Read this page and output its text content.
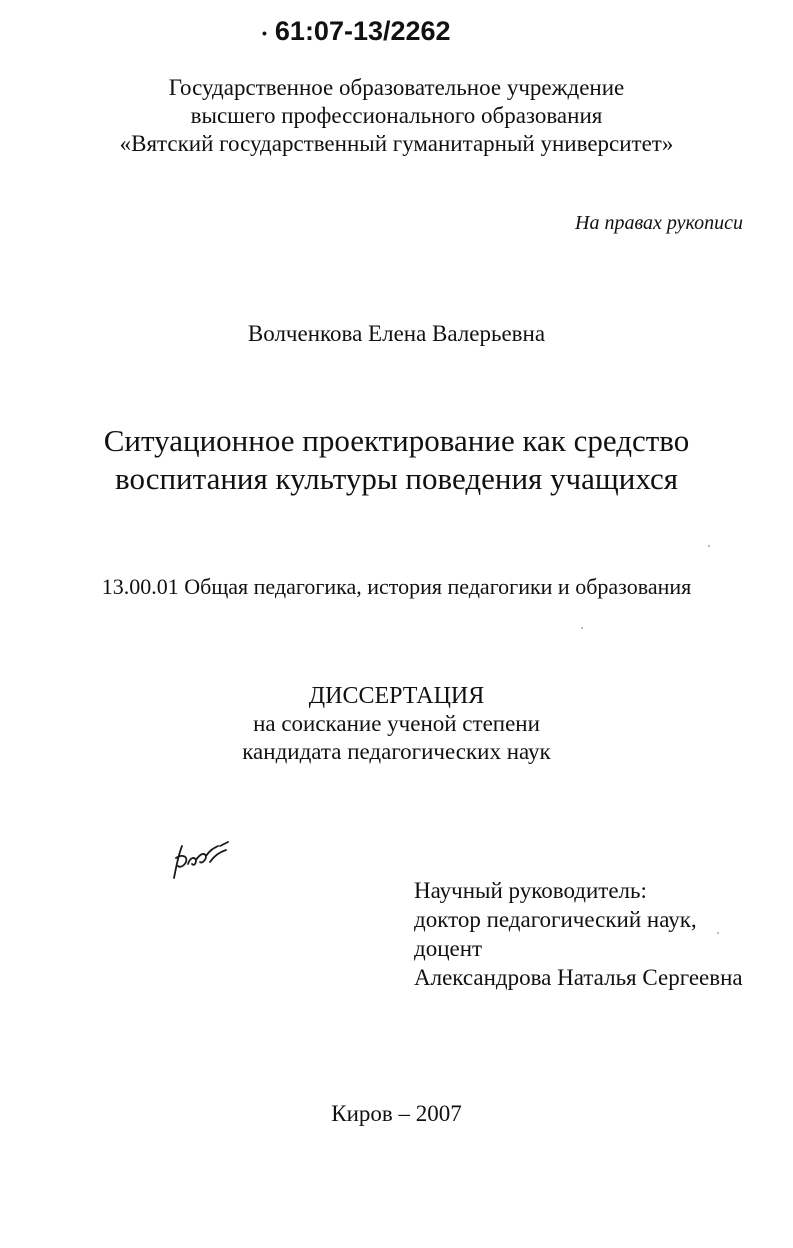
• 61:07-13/2262
Государственное образовательное учреждение
высшего профессионального образования
«Вятский государственный гуманитарный университет»
На правах рукописи
Волченкова Елена Валерьевна
Ситуационное проектирование как средство
воспитания культуры поведения учащихся
13.00.01 Общая педагогика, история педагогики и образования
ДИССЕРТАЦИЯ
на соискание ученой степени
кандидата педагогических наук
Научный руководитель:
доктор педагогический наук,
доцент
Александрова Наталья Сергеевна
Киров – 2007
